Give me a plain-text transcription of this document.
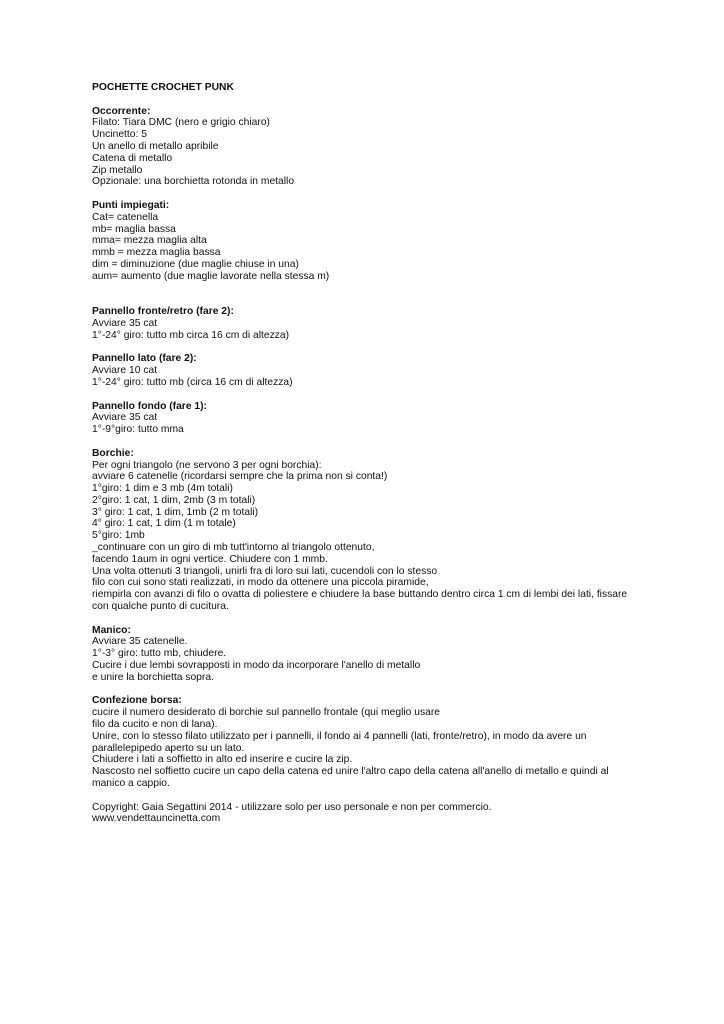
POCHETTE CROCHET PUNK
Occorrente:
Filato: Tiara DMC (nero e grigio chiaro)
Uncinetto: 5
Un anello di metallo apribile
Catena di metallo
Zip metallo
Opzionale: una borchietta rotonda in metallo
Punti impiegati:
Cat= catenella
mb= maglia bassa
mma= mezza maglia alta
mmb = mezza maglia bassa
dim = diminuzione (due maglie chiuse in una)
aum= aumento (due maglie lavorate nella stessa m)
Pannello fronte/retro (fare 2):
Avviare 35 cat
1°-24° giro: tutto mb circa 16 cm di altezza)
Pannello lato (fare 2):
Avviare 10 cat
1°-24° giro: tutto mb (circa 16 cm di altezza)
Pannello fondo (fare 1):
Avviare 35 cat
1°-9°giro: tutto mma
Borchie:
Per ogni triangolo (ne servono 3 per ogni borchia):
avviare 6 catenelle (ricordarsi sempre che la prima non si conta!)
1°giro: 1 dim e 3 mb (4m totali)
2°giro: 1 cat, 1 dim, 2mb (3 m totali)
3° giro: 1 cat, 1 dim, 1mb (2 m totali)
4° giro: 1 cat, 1 dim (1 m totale)
5°giro: 1mb
_continuare con un giro di mb tutt'intorno al triangolo ottenuto,
facendo 1aum in ogni vertice. Chiudere con 1 mmb.
Una volta ottenuti 3 triangoli, unirli fra di loro sui lati, cucendoli con lo stesso
filo con cui sono stati realizzati, in modo da ottenere una piccola piramide,
riempirla con avanzi di filo o ovatta di poliestere e chiudere la base buttando dentro circa 1 cm di lembi dei lati, fissare
con qualche punto di cucitura.
Manico:
Avviare 35 catenelle.
1°-3° giro: tutto mb, chiudere.
Cucire i due lembi sovrapposti in modo da incorporare l'anello di metallo
e unire la borchietta sopra.
Confezione borsa:
cucire il numero desiderato di borchie sul pannello frontale (qui meglio usare
filo da cucito e non di lana).
Unire, con lo stesso filato utilizzato per i pannelli, il fondo ai 4 pannelli (lati, fronte/retro), in modo da avere un
parallelepipedo aperto su un lato.
Chiudere i lati a soffietto in alto ed inserire e cucire la zip.
Nascosto nel soffietto cucire un capo della catena ed unire l'altro capo della catena all'anello di metallo e quindi al
manico a cappio.
Copyright: Gaia Segattini 2014 - utilizzare solo per uso personale e non per commercio.
www.vendettauncinetta.com
